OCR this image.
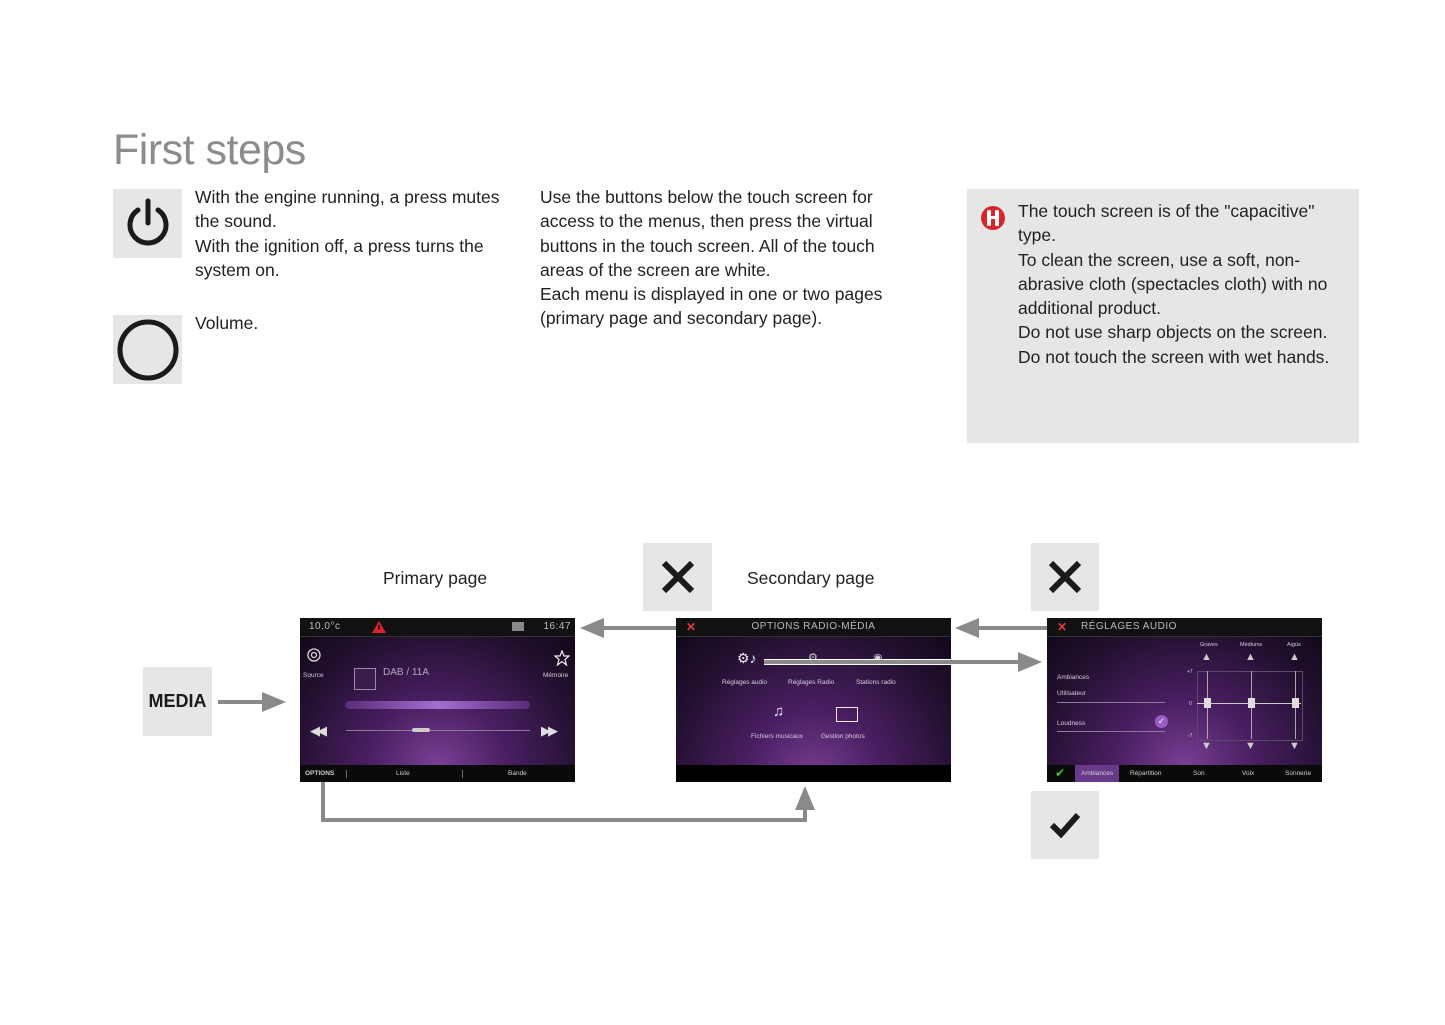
First steps

With the engine running, a press mutes the sound.

With the ignition off, a press turns the system on.

Volume.

Use the buttons below the touch screen for access to the menus, then press the virtual buttons in the touch screen. All of the touch areas of the screen are white.

Each menu is displayed in one or two pages (primary page and secondary page).

The touch screen is of the "capacitive" type.

To clean the screen, use a soft, non-abrasive cloth (spectacles cloth) with no additional product.

Do not use sharp objects on the screen.

Do not touch the screen with wet hands.

Primary page	Secondary page
MEDIA
10.0°c	16:47
Source	Mémoire
DAB / 11A
◀◀	▶▶
OPTIONS	Liste	Bande
✕	OPTIONS RADIO-MÉDIA
⚙♪
Réglages audio
⚙
Réglages Radio
◉
Stations radio
♫
Fichiers musicaux	Gestion photos
✕ RÉGLAGES AUDIO
Graves	Médiums	Aigüs
▲	▲	▲
+7
0
-7
▼	▼	▼
Ambiances
Utilisateur
Loudness	✓
✔	Ambiances	Répartition	Son	Voix	Sonnerie
